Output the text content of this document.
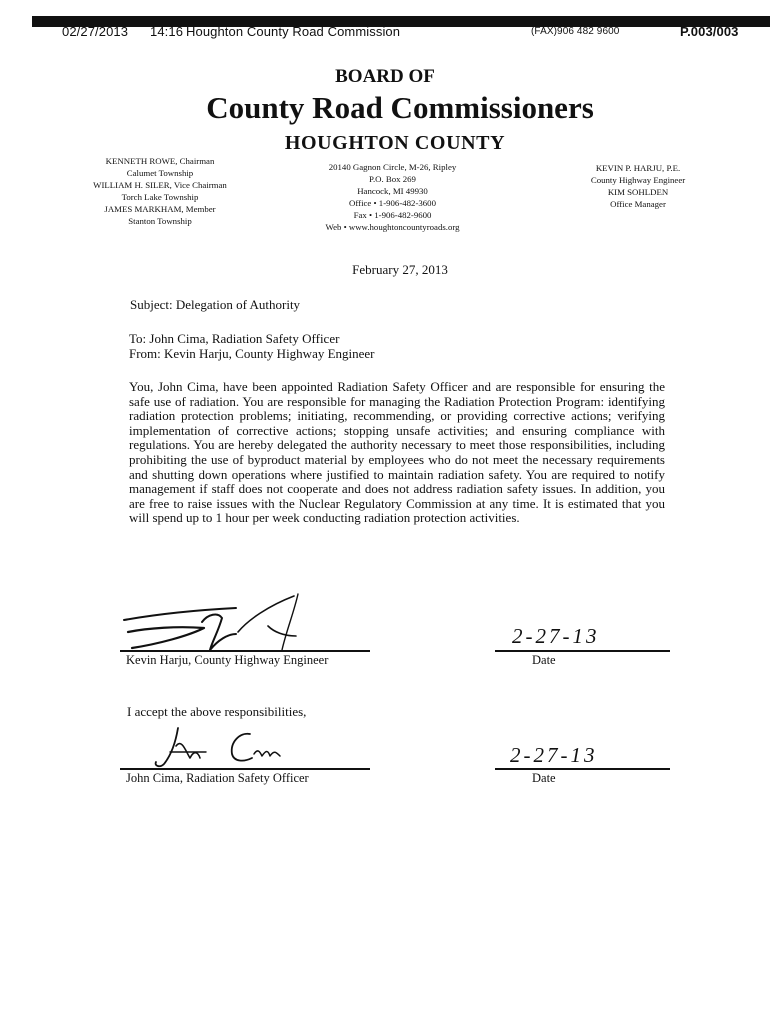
02/27/2013 14:16 Houghton County Road Commission	(FAX)906 482 9600	P.003/003
BOARD OF
County Road Commissioners
HOUGHTON COUNTY
KENNETH ROWE, Chairman
Calumet Township
WILLIAM H. SILER, Vice Chairman
Torch Lake Township
JAMES MARKHAM, Member
Stanton Township
20140 Gagnon Circle, M-26, Ripley
P.O. Box 269
Hancock, MI 49930
Office • 1-906-482-3600
Fax • 1-906-482-9600
Web • www.houghtoncountyroads.org
KEVIN P. HARJU, P.E.
County Highway Engineer
KIM SOHLDEN
Office Manager
February 27, 2013
Subject: Delegation of Authority
To: John Cima, Radiation Safety Officer
From: Kevin Harju, County Highway Engineer
You, John Cima, have been appointed Radiation Safety Officer and are responsible for ensuring the safe use of radiation. You are responsible for managing the Radiation Protection Program: identifying radiation protection problems; initiating, recommending, or providing corrective actions; verifying implementation of corrective actions; stopping unsafe activities; and ensuring compliance with regulations. You are hereby delegated the authority necessary to meet those responsibilities, including prohibiting the use of byproduct material by employees who do not meet the necessary requirements and shutting down operations where justified to maintain radiation safety. You are required to notify management if staff does not cooperate and does not address radiation safety issues. In addition, you are free to raise issues with the Nuclear Regulatory Commission at any time. It is estimated that you will spend up to 1 hour per week conducting radiation protection activities.
2-27-13
Kevin Harju, County Highway Engineer	Date
I accept the above responsibilities,
2-27-13
John Cima, Radiation Safety Officer	Date
